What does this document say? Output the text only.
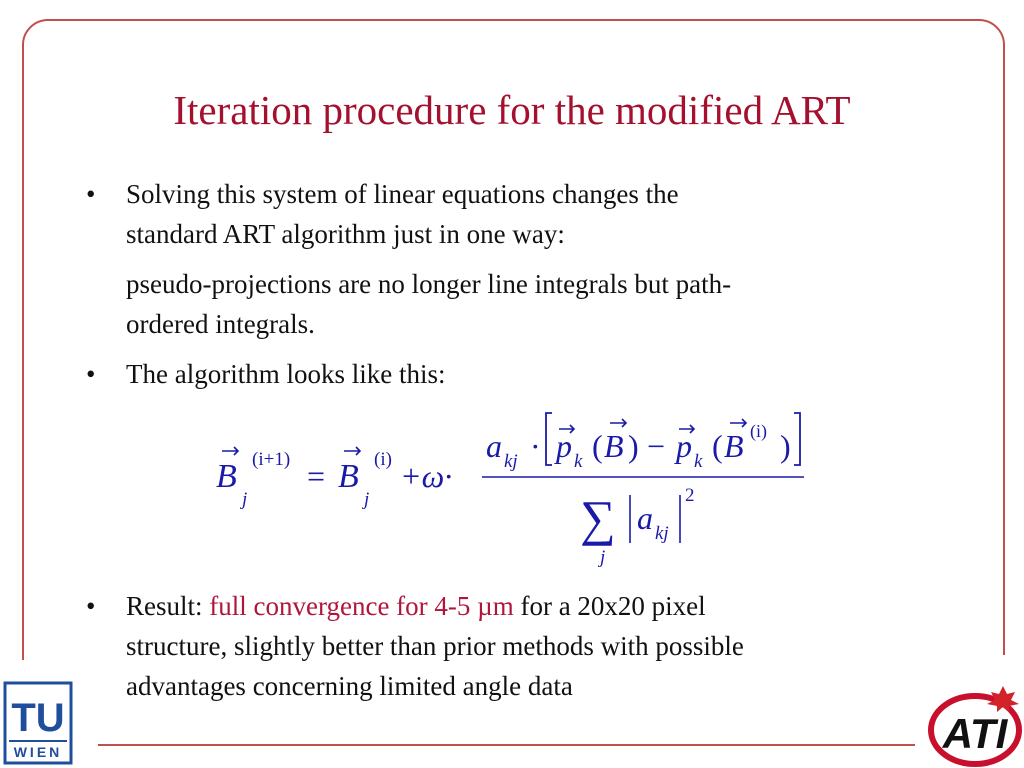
Iteration procedure for the modified ART
• Solving this system of linear equations changes the
standard ART algorithm just in one way:
pseudo-projections are no longer line integrals but path-
ordered integrals.
• The algorithm looks like this:
B
j
(i+1) = B
j
(i) +ω·
a kj · p k ( B ) − p k ( B (i) )
∑
j
a kj
2
• Result: full convergence for 4-5 µm for a 20x20 pixel
structure, slightly better than prior methods with possible
advantages concerning limited angle data
TU
WIEN	ATI
